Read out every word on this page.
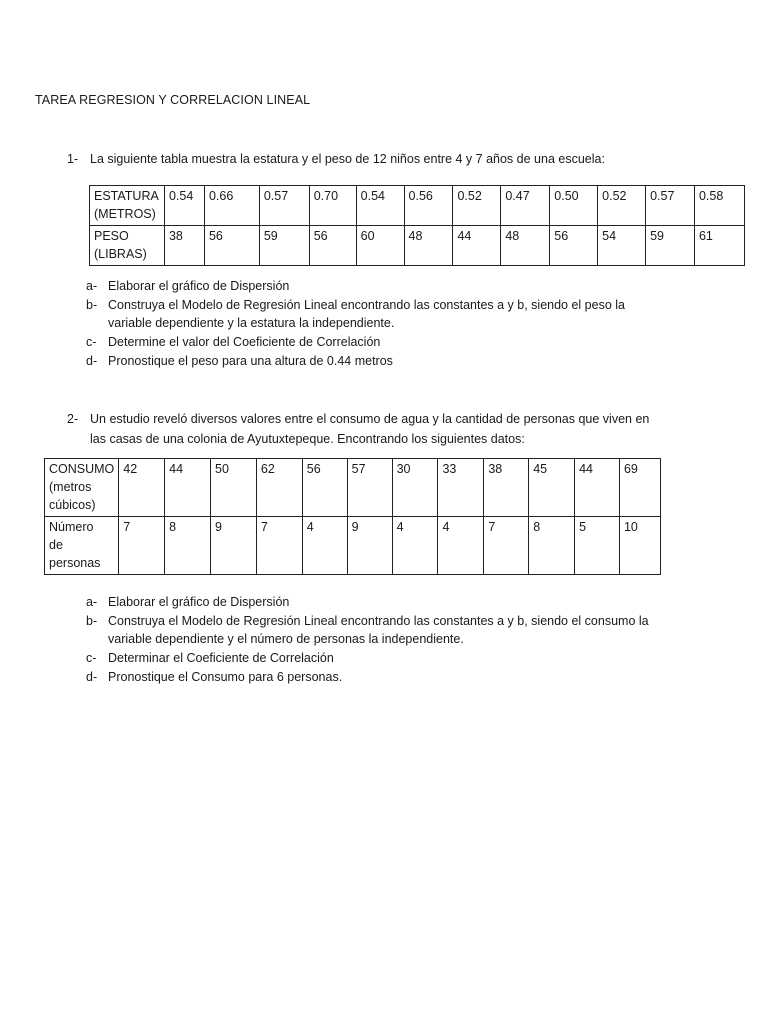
TAREA REGRESION Y CORRELACION LINEAL
1- La siguiente tabla muestra la estatura y el peso de 12 niños entre 4 y 7 años de una escuela:
ESTATURA
(METROS)	0.54	0.66	0.57	0.70	0.54	0.56	0.52	0.47	0.50	0.52	0.57	0.58

PESO
(LIBRAS)	38	56	59	56	60	48	44	48	56	54	59	61
a- Elaborar el gráfico de Dispersión
b- Construya el Modelo de Regresión Lineal encontrando las constantes a y b, siendo el peso la
variable dependiente y la estatura la independiente.
c- Determine el valor del Coeficiente de Correlación
d- Pronostique el peso para una altura de 0.44 metros
2- Un estudio reveló diversos valores entre el consumo de agua y la cantidad de personas que viven en
las casas de una colonia de Ayutuxtepeque. Encontrando los siguientes datos:
CONSUMO
(metros
cúbicos)	42	44	50	62	56	57	30	33	38	45	44	69

Número
de
personas	7	8	9	7	4	9	4	4	7	8	5	10
a- Elaborar el gráfico de Dispersión
b- Construya el Modelo de Regresión Lineal encontrando las constantes a y b, siendo el consumo la
variable dependiente y el número de personas la independiente.
c- Determinar el Coeficiente de Correlación
d- Pronostique el Consumo para 6 personas.
